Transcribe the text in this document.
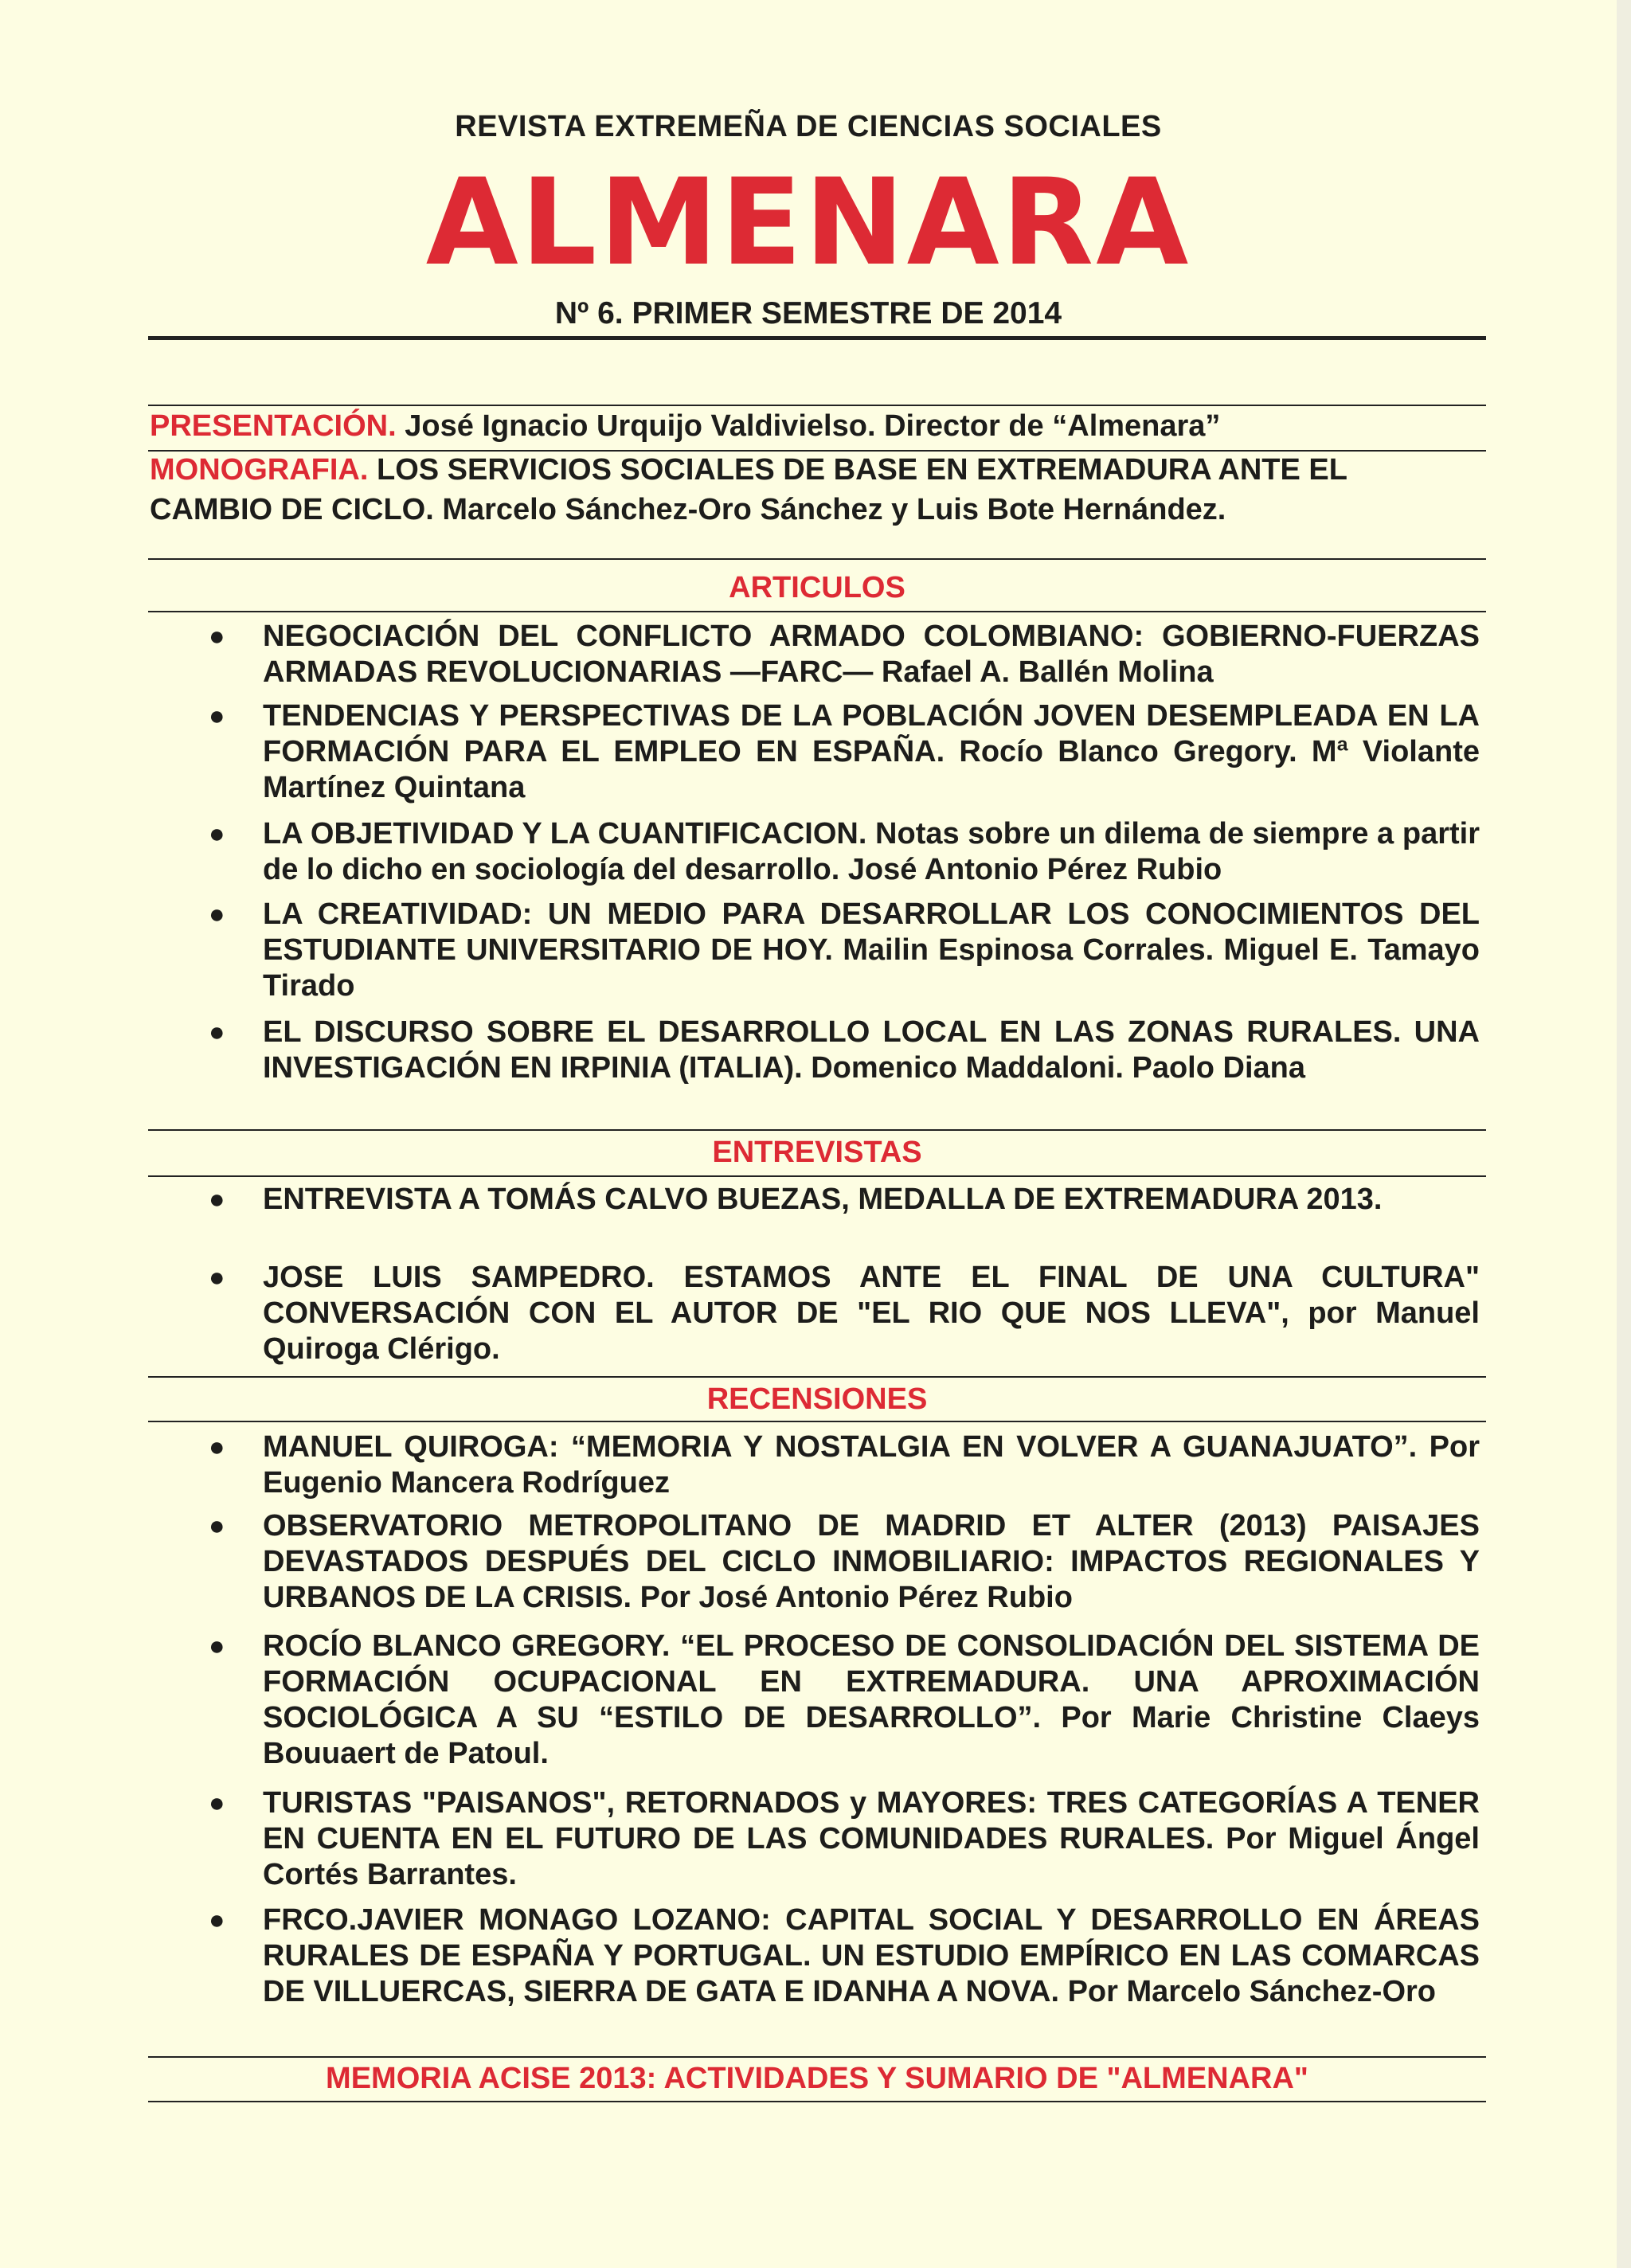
REVISTA EXTREMEÑA DE CIENCIAS SOCIALES
ALMENARA
Nº 6. PRIMER SEMESTRE DE 2014
PRESENTACIÓN. José Ignacio Urquijo Valdivielso. Director de “Almenara”
MONOGRAFIA. LOS SERVICIOS SOCIALES DE BASE EN EXTREMADURA ANTE EL
CAMBIO DE CICLO. Marcelo Sánchez-Oro Sánchez y Luis Bote Hernández.
ARTICULOS
● NEGOCIACIÓN DEL CONFLICTO ARMADO COLOMBIANO: GOBIERNO-FUERZAS ARMADAS REVOLUCIONARIAS —FARC— Rafael A. Ballén Molina
● TENDENCIAS Y PERSPECTIVAS DE LA POBLACIÓN JOVEN DESEMPLEADA EN LA FORMACIÓN PARA EL EMPLEO EN ESPAÑA. Rocío Blanco Gregory. Mª Violante Martínez Quintana
● LA OBJETIVIDAD Y LA CUANTIFICACION. Notas sobre un dilema de siempre a partir de lo dicho en sociología del desarrollo. José Antonio Pérez Rubio
● LA CREATIVIDAD: UN MEDIO PARA DESARROLLAR LOS CONOCIMIENTOS DEL ESTUDIANTE UNIVERSITARIO DE HOY. Mailin Espinosa Corrales. Miguel E. Tamayo Tirado
● EL DISCURSO SOBRE EL DESARROLLO LOCAL EN LAS ZONAS RURALES. UNA INVESTIGACIÓN EN IRPINIA (ITALIA). Domenico Maddaloni. Paolo Diana
ENTREVISTAS
● ENTREVISTA A TOMÁS CALVO BUEZAS, MEDALLA DE EXTREMADURA 2013.
● JOSE LUIS SAMPEDRO. ESTAMOS ANTE EL FINAL DE UNA CULTURA" CONVERSACIÓN CON EL AUTOR DE "EL RIO QUE NOS LLEVA", por Manuel Quiroga Clérigo.
RECENSIONES
● MANUEL QUIROGA: “MEMORIA Y NOSTALGIA EN VOLVER A GUANAJUATO”. Por Eugenio Mancera Rodríguez
● OBSERVATORIO METROPOLITANO DE MADRID ET ALTER (2013) PAISAJES DEVASTADOS DESPUÉS DEL CICLO INMOBILIARIO: IMPACTOS REGIONALES Y URBANOS DE LA CRISIS. Por José Antonio Pérez Rubio
● ROCÍO BLANCO GREGORY. “EL PROCESO DE CONSOLIDACIÓN DEL SISTEMA DE FORMACIÓN OCUPACIONAL EN EXTREMADURA. UNA APROXIMACIÓN SOCIOLÓGICA A SU “ESTILO DE DESARROLLO”. Por Marie Christine Claeys Bouuaert de Patoul.
● TURISTAS "PAISANOS", RETORNADOS y MAYORES: TRES CATEGORÍAS A TENER EN CUENTA EN EL FUTURO DE LAS COMUNIDADES RURALES. Por Miguel Ángel Cortés Barrantes.
● FRCO.JAVIER MONAGO LOZANO: CAPITAL SOCIAL Y DESARROLLO EN ÁREAS RURALES DE ESPAÑA Y PORTUGAL. UN ESTUDIO EMPÍRICO EN LAS COMARCAS DE VILLUERCAS, SIERRA DE GATA E IDANHA A NOVA. Por Marcelo Sánchez-Oro
MEMORIA ACISE 2013: ACTIVIDADES Y SUMARIO DE "ALMENARA"
